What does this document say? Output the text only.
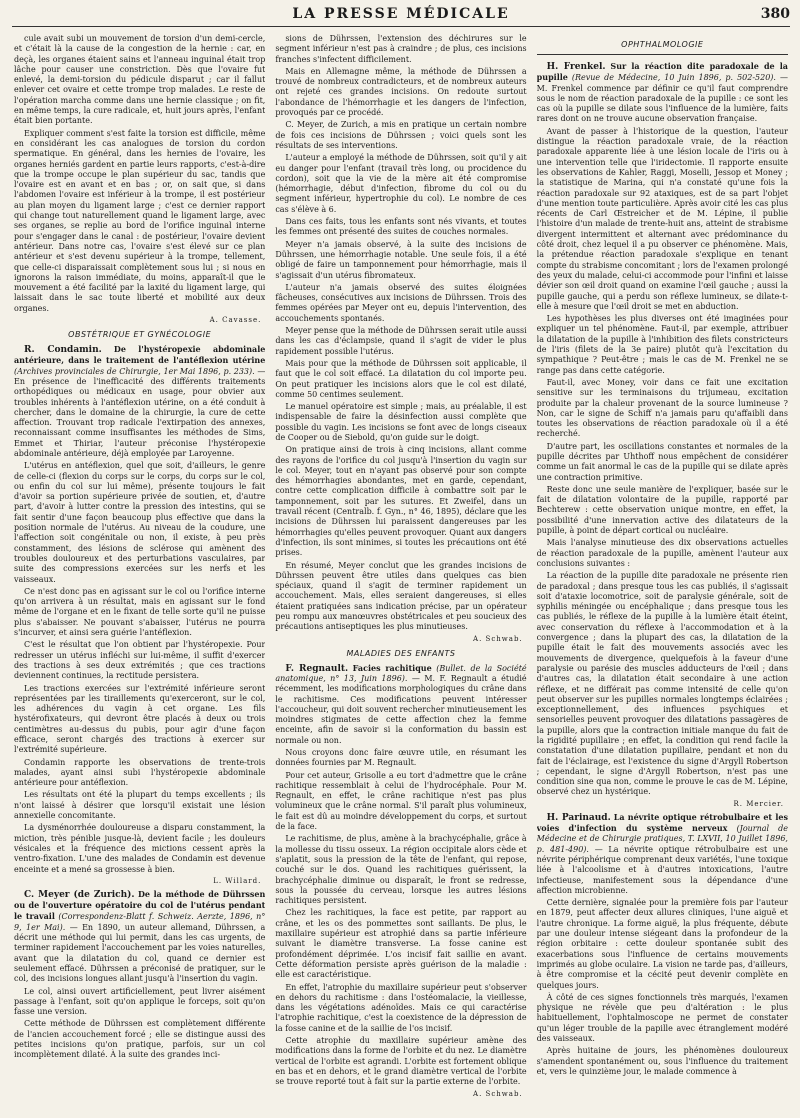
LA PRESSE MÉDICALE	380

cule avait subi un mouvement de torsion d'un demi-cercle, et c'était là la cause de la congestion de la hernie : car, en deçà, les organes étaient sains et l'anneau inguinal était trop lâche pour causer une constriction. Dès que l'ovaire fut enlevé, la demi-torsion du pédicule disparut ; car il fallut enlever cet ovaire et cette trompe trop malades. Le reste de l'opération marcha comme dans une hernie classique ; on fit, en même temps, la cure radicale, et, huit jours après, l'enfant était bien portante.

Expliquer comment s'est faite la torsion est difficile, même en considérant les cas analogues de torsion du cordon spermatique. En général, dans les hernies de l'ovaire, les organes herniés gardent en partie leurs rapports, c'est-à-dire que la trompe occupe le plan supérieur du sac, tandis que l'ovaire est en avant et en bas ; or, on sait que, si dans l'abdomen l'ovaire est inférieur à la trompe, il est postérieur au plan moyen du ligament large ; c'est ce dernier rapport qui change tout naturellement quand le ligament large, avec ses organes, se replie au bord de l'orifice inguinal interne pour s'engager dans le canal : de postérieur, l'ovaire devient antérieur. Dans notre cas, l'ovaire s'est élevé sur ce plan antérieur et s'est devenu supérieur à la trompe, tellement, que celle-ci disparaissait complètement sous lui ; si nous en ignorons la raison immédiate, du moins, apparaît-il que le mouvement a été facilité par la laxité du ligament large, qui laissait dans le sac toute liberté et mobilité aux deux organes.

A. Cavasse.
OBSTÉTRIQUE ET GYNÉCOLOGIE

R. Condamin. De l'hystéropexie abdominale antérieure, dans le traitement de l'antéflexion utérine (Archives provinciales de Chirurgie, 1er Mai 1896, p. 233). — En présence de l'inefficacité des différents traitements orthopédiques ou médicaux en usage, pour obvier aux troubles inhérents à l'antéflexion utérine, on a été conduit à chercher, dans le domaine de la chirurgie, la cure de cette affection. Trouvant trop radicale l'extirpation des annexes, reconnaissant comme insuffisantes les méthodes de Sims, Emmet et Thiriar, l'auteur préconise l'hystéropexie abdominale antérieure, déjà employée par Laroyenne.

L'utérus en antéflexion, quel que soit, d'ailleurs, le genre de celle-ci (flexion du corps sur le corps, du corps sur le col, ou enfin du col sur lui même), présente toujours le fait d'avoir sa portion supérieure privée de soutien, et, d'autre part, d'avoir à lutter contre la pression des intestins, qui se fait sentir d'une façon beaucoup plus effective que dans la position normale de l'utérus. Au niveau de la coudure, une l'affection soit congénitale ou non, il existe, à peu près constamment, des lésions de sclérose qui amènent des troubles douloureux et des perturbations vasculaires, par suite des compressions exercées sur les nerfs et les vaisseaux.

Ce n'est donc pas en agissant sur le col ou l'orifice interne qu'on arrivera à un résultat, mais en agissant sur le fond même de l'organe et en le fixant de telle sorte qu'il ne puisse plus s'abaisser. Ne pouvant s'abaisser, l'utérus ne pourra s'incurver, et ainsi sera guérie l'antéflexion.

C'est le résultat que l'on obtient par l'hystéropexie. Pour redresser un utérus infléchi sur lui-même, il suffit d'exercer des tractions à ses deux extrémités ; que ces tractions deviennent continues, la rectitude persistera.

Les tractions exercées sur l'extrémité inférieure seront représentées par les tiraillements qu'exerceront, sur le col, les adhérences du vagin à cet organe. Les fils hystérofixateurs, qui devront être placés à deux ou trois centimètres au-dessus du pubis, pour agir d'une façon efficace, seront chargés des tractions à exercer sur l'extrémité supérieure.

Condamin rapporte les observations de trente-trois malades, ayant ainsi subi l'hystéropexie abdominale antérieure pour antéflexion.

Les résultats ont été la plupart du temps excellents ; ils n'ont laissé à désirer que lorsqu'il existait une lésion annexielle concomitante.

La dysménorrhée douloureuse a disparu constamment, la miction, très pénible jusque-là, devient facile ; les douleurs vésicales et la fréquence des mictions cessent après la ventro-fixation. L'une des malades de Condamin est devenue enceinte et a mené sa grossesse à bien.

L. Willard.

C. Meyer (de Zurich). De la méthode de Dührssen ou de l'ouverture opératoire du col de l'utérus pendant le travail (Correspondenz-Blatt f. Schweiz. Aerzte, 1896, n° 9, 1er Mai). — En 1890, un auteur allemand, Dührssen, a décrit une méthode qui lui permit, dans les cas urgents, de terminer rapidement l'accouchement par les voies naturelles, avant que la dilatation du col, quand ce dernier est seulement effacé. Dührssen a préconisé de pratiquer, sur le col, des incisions longues allant jusqu'à l'insertion du vagin.

Le col, ainsi ouvert artificiellement, peut livrer aisément passage à l'enfant, soit qu'on applique le forceps, soit qu'on fasse une version.

Cette méthode de Dührssen est complètement différente de l'ancien accouchement forcé ; elle se distingue aussi des petites incisions qu'on pratique, parfois, sur un col incomplètement dilaté. À la suite des grandes inci-

sions de Dührssen, l'extension des déchirures sur le segment inférieur n'est pas à craindre ; de plus, ces incisions franches s'infectent difficilement.

Mais en Allemagne même, la méthode de Dührssen a trouvé de nombreux contradicteurs, et de nombreux auteurs ont rejeté ces grandes incisions. On redoute surtout l'abondance de l'hémorrhagie et les dangers de l'infection, provoqués par ce procédé.

C. Meyer, de Zurich, a mis en pratique un certain nombre de fois ces incisions de Dührssen ; voici quels sont les résultats de ses interventions.

L'auteur a employé la méthode de Dührssen, soit qu'il y ait eu danger pour l'enfant (travail très long, ou procidence du cordon), soit que la vie de la mère ait été compromise (hémorrhagie, début d'infection, fibrome du col ou du segment inférieur, hypertrophie du col). Le nombre de ces cas s'élève à 6.

Dans ces faits, tous les enfants sont nés vivants, et toutes les femmes ont présenté des suites de couches normales.

Meyer n'a jamais observé, à la suite des incisions de Dührssen, une hémorrhagie notable. Une seule fois, il a été obligé de faire un tamponnement pour hémorrhagie, mais il s'agissait d'un utérus fibromateux.

L'auteur n'a jamais observé des suites éloignées fâcheuses, consécutives aux incisions de Dührssen. Trois des femmes opérées par Meyer ont eu, depuis l'intervention, des accouchements spontanés.

Meyer pense que la méthode de Dührssen serait utile aussi dans les cas d'éclampsie, quand il s'agit de vider le plus rapidement possible l'utérus.

Mais pour que la méthode de Dührssen soit applicable, il faut que le col soit effacé. La dilatation du col importe peu. On peut pratiquer les incisions alors que le col est dilaté, comme 50 centimes seulement.

Le manuel opératoire est simple ; mais, au préalable, il est indispensable de faire la désinfection aussi complète que possible du vagin. Les incisions se font avec de longs ciseaux de Cooper ou de Siebold, qu'on guide sur le doigt.

On pratique ainsi de trois à cinq incisions, allant comme des rayons de l'orifice du col jusqu'à l'insertion du vagin sur le col. Meyer, tout en n'ayant pas observé pour son compte des hémorrhagies abondantes, met en garde, cependant, contre cette complication difficile à combattre soit par le tamponnement, soit par les sutures. Et Zweifel, dans un travail récent (Centralb. f. Gyn., n° 46, 1895), déclare que les incisions de Dührssen lui paraissent dangereuses par les hémorrhagies qu'elles peuvent provoquer. Quant aux dangers d'infection, ils sont minimes, si toutes les précautions ont été prises.

En résumé, Meyer conclut que les grandes incisions de Dührssen peuvent être utiles dans quelques cas bien spéciaux, quand il s'agit de terminer rapidement un accouchement. Mais, elles seraient dangereuses, si elles étaient pratiquées sans indication précise, par un opérateur peu rompu aux manœuvres obstétricales et peu soucieux des précautions antiseptiques les plus minutieuses.

A. Schwab.
MALADIES DES ENFANTS

F. Regnault. Facies rachitique (Bullet. de la Société anatomique, n° 13, Juin 1896). — M. F. Regnault a étudié récemment, les modifications morphologiques du crâne dans le rachitisme. Ces modifications peuvent intéresser l'accoucheur, qui doit souvent rechercher minutieusement les moindres stigmates de cette affection chez la femme enceinte, afin de savoir si la conformation du bassin est normale ou non.

Nous croyons donc faire œuvre utile, en résumant les données fournies par M. Regnault.

Pour cet auteur, Grisolle a eu tort d'admettre que le crâne rachitique ressemblait à celui de l'hydrocéphale. Pour M. Regnault, en effet, le crâne rachitique n'est pas plus volumineux que le crâne normal. S'il paraît plus volumineux, le fait est dû au moindre développement du corps, et surtout de la face.

Le rachitisme, de plus, amène à la brachycéphalie, grâce à la mollesse du tissu osseux. La région occipitale alors cède et s'aplatit, sous la pression de la tête de l'enfant, qui repose, couché sur le dos. Quand les rachitiques guérissent, la brachycéphalie diminue ou disparaît, le front se redresse, sous la poussée du cerveau, lorsque les autres lésions rachitiques persistent.

Chez les rachitiques, la face est petite, par rapport au crâne, et les os des pommettes sont saillants. De plus, le maxillaire supérieur est atrophié dans sa partie inférieure suivant le diamètre transverse. La fosse canine est profondément déprimée. L'os incisif fait saillie en avant. Cette déformation persiste après guérison de la maladie : elle est caractéristique.

En effet, l'atrophie du maxillaire supérieur peut s'observer en dehors du rachitisme : dans l'ostéomalacie, la vieillesse, dans les végétations adénoïdes. Mais ce qui caractérise l'atrophie rachitique, c'est la coexistence de la dépression de la fosse canine et de la saillie de l'os incisif.

Cette atrophie du maxillaire supérieur amène des modifications dans la forme de l'orbite et du nez. Le diamètre vertical de l'orbite est agrandi. L'orbite est fortement oblique en bas et en dehors, et le grand diamètre vertical de l'orbite se trouve reporté tout à fait sur la partie externe de l'orbite.

A. Schwab.
OPHTHALMOLOGIE

H. Frenkel. Sur la réaction dite paradoxale de la pupille (Revue de Médecine, 10 Juin 1896, p. 502-520). — M. Frenkel commence par définir ce qu'il faut comprendre sous le nom de réaction paradoxale de la pupille : ce sont les cas où la pupille se dilate sous l'influence de la lumière, faits rares dont on ne trouve aucune observation française.

Avant de passer à l'historique de la question, l'auteur distingue la réaction paradoxale vraie, de la réaction paradoxale apparente liée à une lésion locale de l'iris ou à une intervention telle que l'iridectomie. Il rapporte ensuite les observations de Kahler, Raggi, Moselli, Jessop et Money ; la statistique de Marina, qui n'a constaté qu'une fois la réaction paradoxale sur 92 ataxiques, est de sa part l'objet d'une mention toute particulière. Après avoir cité les cas plus récents de Carl Œstreicher et de M. Lépine, il publie l'histoire d'un malade de trente-huit ans, atteint de strabisme divergent intermittent et alternant avec prédominance du côté droit, chez lequel il a pu observer ce phénomène. Mais, la prétendue réaction paradoxale s'explique en tenant compte du strabisme concomitant ; lors de l'examen prolongé des yeux du malade, celui-ci accommode pour l'infini et laisse dévier son œil droit quand on examine l'œil gauche ; aussi la pupille gauche, qui a perdu son réflexe lumineux, se dilate-t-elle à mesure que l'œil droit se met en abduction.

Les hypothèses les plus diverses ont été imaginées pour expliquer un tel phénomène. Faut-il, par exemple, attribuer la dilatation de la pupille à l'inhibition des filets constricteurs de l'iris (filets de la 3e paire) plutôt qu'à l'excitation du sympathique ? Peut-être ; mais le cas de M. Frenkel ne se range pas dans cette catégorie.

Faut-il, avec Money, voir dans ce fait une excitation sensitive sur les terminaisons du trijumeau, excitation produite par la chaleur provenant de la source lumineuse ? Non, car le signe de Schiff n'a jamais paru qu'affaibli dans toutes les observations de réaction paradoxale où il a été recherché.

D'autre part, les oscillations constantes et normales de la pupille décrites par Uhthoff nous empêchent de considérer comme un fait anormal le cas de la pupille qui se dilate après une contraction primitive.

Reste donc une seule manière de l'expliquer, basée sur le fait de dilatation volontaire de la pupille, rapporté par Bechterew : cette observation unique montre, en effet, la possibilité d'une innervation active des dilatateurs de la pupille, à point de départ cortical ou nucléaire.

Mais l'analyse minutieuse des dix observations actuelles de réaction paradoxale de la pupille, amènent l'auteur aux conclusions suivantes :

La réaction de la pupille dite paradoxale ne présente rien de paradoxal ; dans presque tous les cas publiés, il s'agissait soit d'ataxie locomotrice, soit de paralysie générale, soit de syphilis méningée ou encéphalique ; dans presque tous les cas publiés, le réflexe de la pupille à la lumière était éteint, avec conservation du réflexe à l'accommodation et à la convergence ; dans la plupart des cas, la dilatation de la pupille était le fait des mouvements associés avec les mouvements de divergence, quelquefois à la faveur d'une paralysie ou parésie des muscles adducteurs de l'œil ; dans d'autres cas, la dilatation était secondaire à une action réflexe, et ne différait pas comme intensité de celle qu'on peut observer sur les pupilles normales longtemps éclairées ; exceptionnellement, des influences psychiques et sensorielles peuvent provoquer des dilatations passagères de la pupille, alors que la contraction initiale manque du fait de la rigidité pupillaire ; en effet, la condition qui rend facile la constatation d'une dilatation pupillaire, pendant et non du fait de l'éclairage, est l'existence du signe d'Argyll Robertson ; cependant, le signe d'Argyll Robertson, n'est pas une condition sine qua non, comme le prouve le cas de M. Lépine, observé chez un hystérique.

R. Mercier.

H. Parinaud. La névrite optique rétrobulbaire et les voies d'infection du système nerveux (Journal de Médecine et de Chirurgie pratiques, T. LXVII, 10 Juillet 1896, p. 481-490). — La névrite optique rétrobulbaire est une névrite périphérique comprenant deux variétés, l'une toxique liée à l'alcoolisme et à d'autres intoxications, l'autre infectieuse, manifestement sous la dépendance d'une affection microbienne.

Cette dernière, signalée pour la première fois par l'auteur en 1879, peut affecter deux allures cliniques, l'une aiguë et l'autre chronique. La forme aiguë, la plus fréquente, débute par une douleur intense siégeant dans la profondeur de la région orbitaire : cette douleur spontanée subit des exacerbations sous l'influence de certains mouvements imprimés au globe oculaire. La vision ne tarde pas, d'ailleurs, à être compromise et la cécité peut devenir complète en quelques jours.

À côté de ces signes fonctionnels très marqués, l'examen physique ne révèle que peu d'altération : le plus habituellement, l'ophtalmoscope ne permet de constater qu'un léger trouble de la papille avec étranglement modéré des vaisseaux.

Après huitaine de jours, les phénomènes douloureux s'amendent spontanément ou, sous l'influence du traitement et, vers le quinzième jour, le malade commence à
